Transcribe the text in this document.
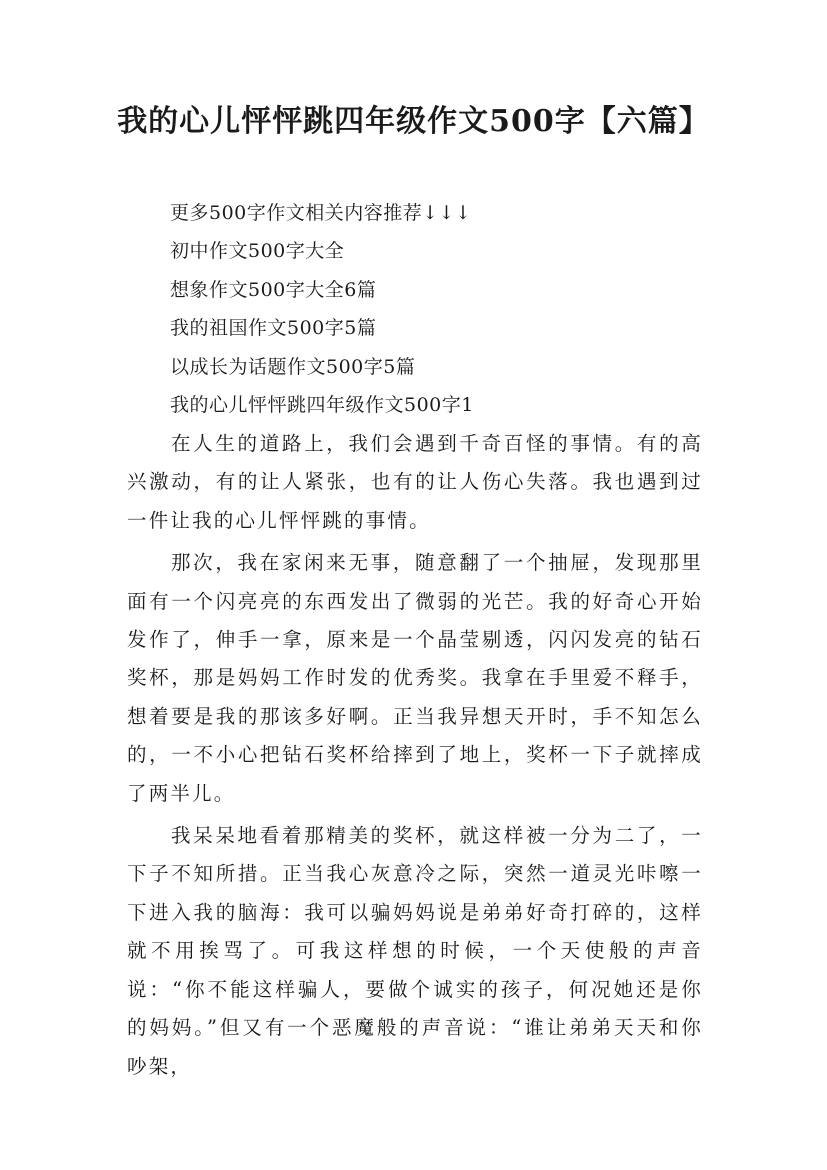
我的心儿怦怦跳四年级作文500字【六篇】
更多500字作文相关内容推荐↓↓↓
初中作文500字大全
想象作文500字大全6篇
我的祖国作文500字5篇
以成长为话题作文500字5篇
我的心儿怦怦跳四年级作文500字1

在人生的道路上，我们会遇到千奇百怪的事情。有的高兴激动，有的让人紧张，也有的让人伤心失落。我也遇到过一件让我的心儿怦怦跳的事情。

那次，我在家闲来无事，随意翻了一个抽屉，发现那里面有一个闪亮亮的东西发出了微弱的光芒。我的好奇心开始发作了，伸手一拿，原来是一个晶莹剔透，闪闪发亮的钻石奖杯，那是妈妈工作时发的优秀奖。我拿在手里爱不释手，想着要是我的那该多好啊。正当我异想天开时，手不知怎么的，一不小心把钻石奖杯给摔到了地上，奖杯一下子就摔成了两半儿。

我呆呆地看着那精美的奖杯，就这样被一分为二了，一下子不知所措。正当我心灰意冷之际，突然一道灵光咔嚓一下进入我的脑海：我可以骗妈妈说是弟弟好奇打碎的，这样就不用挨骂了。可我这样想的时候，一个天使般的声音说：“你不能这样骗人，要做个诚实的孩子，何况她还是你的妈妈。”但又有一个恶魔般的声音说：“谁让弟弟天天和你吵架，
